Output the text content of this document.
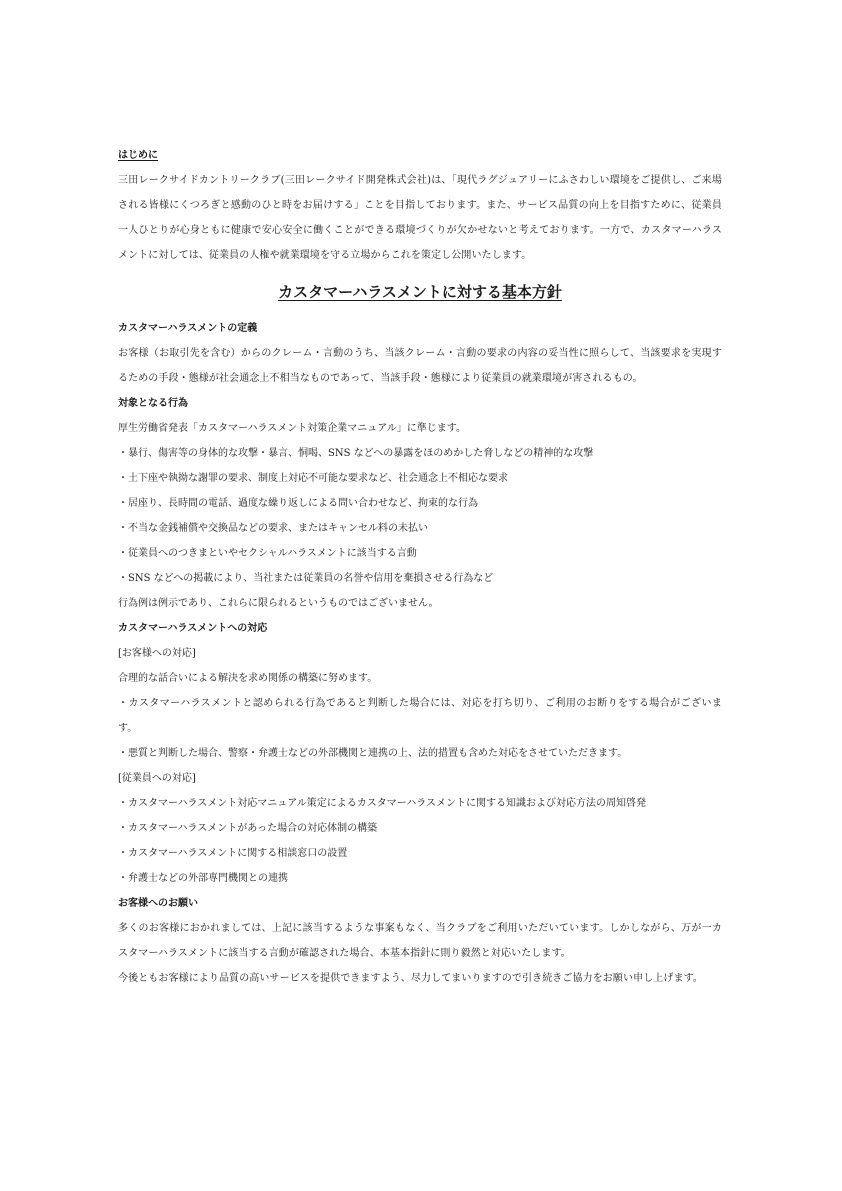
はじめに

三田レークサイドカントリークラブ(三田レークサイド開発株式会社)は、「現代ラグジュアリーにふさわしい環境をご提供し、ご来場される皆様にくつろぎと感動のひと時をお届けする」ことを目指しております。また、サービス品質の向上を目指すために、従業員一人ひとりが心身ともに健康で安心安全に働くことができる環境づくりが欠かせないと考えております。一方で、カスタマーハラスメントに対しては、従業員の人権や就業環境を守る立場からこれを策定し公開いたします。

カスタマーハラスメントに対する基本方針

カスタマーハラスメントの定義

お客様（お取引先を含む）からのクレーム・言動のうち、当該クレーム・言動の要求の内容の妥当性に照らして、当該要求を実現するための手段・態様が社会通念上不相当なものであって、当該手段・態様により従業員の就業環境が害されるもの。

対象となる行為

厚生労働省発表「カスタマーハラスメント対策企業マニュアル」に準じます。

・暴行、傷害等の身体的な攻撃・暴言、恫喝、SNS などへの暴露をほのめかした脅しなどの精神的な攻撃

・土下座や執拗な謝罪の要求、制度上対応不可能な要求など、社会通念上不相応な要求

・居座り、長時間の電話、過度な繰り返しによる問い合わせなど、拘束的な行為

・不当な金銭補償や交換品などの要求、またはキャンセル料の未払い

・従業員へのつきまといやセクシャルハラスメントに該当する言動

・SNS などへの掲載により、当社または従業員の名誉や信用を棄損させる行為など

行為例は例示であり、これらに限られるというものではございません。

カスタマーハラスメントへの対応

[お客様への対応]

合理的な話合いによる解決を求め関係の構築に努めます。

・カスタマーハラスメントと認められる行為であると判断した場合には、対応を打ち切り、ご利用のお断りをする場合がございます。

・悪質と判断した場合、警察・弁護士などの外部機関と連携の上、法的措置も含めた対応をさせていただきます。

[従業員への対応]

・カスタマーハラスメント対応マニュアル策定によるカスタマーハラスメントに関する知識および対応方法の周知啓発

・カスタマーハラスメントがあった場合の対応体制の構築

・カスタマーハラスメントに関する相談窓口の設置

・弁護士などの外部専門機関との連携

お客様へのお願い

多くのお客様におかれましては、上記に該当するような事案もなく、当クラブをご利用いただいています。しかしながら、万が一カスタマーハラスメントに該当する言動が確認された場合、本基本指針に則り毅然と対応いたします。

今後ともお客様により品質の高いサービスを提供できますよう、尽力してまいりますので引き続きご協力をお願い申し上げます。
